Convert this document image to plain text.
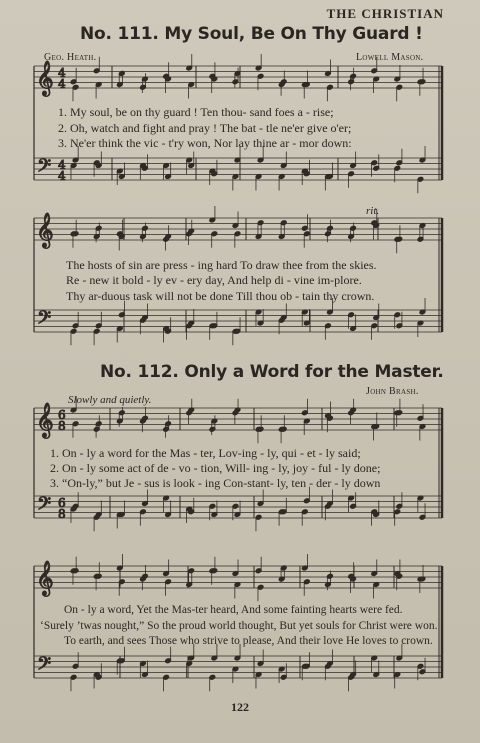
THE CHRISTIAN
No. 111. My Soul, Be On Thy Guard !
Geo. Heath.	Lowell Mason.
𝄞
𝄢
𝄞
𝄢
𝄞
𝄢
𝄞
𝄢
4
4
4
4
6
8
6
8
1. My soul, be on thy guard ! Ten thou- sand foes a - rise;
2. Oh, watch and fight and pray ! The bat - tle ne'er give o'er;
3. Ne'er think the vic - t'ry won, Nor lay thine ar - mor down:
rit.
The hosts of sin are press - ing hard To draw thee from the skies.
Re - new it bold - ly ev - ery day, And help di - vine im-plore.
Thy ar-duous task will not be done Till thou ob - tain thy crown.
No. 112. Only a Word for the Master.
John Brash.
Slowly and quietly.
1. On - ly a word for the Mas - ter, Lov-ing - ly, qui - et - ly said;
2. On - ly some act of de - vo - tion, Will- ing - ly, joy - ful - ly done;
3. “On-ly,” but Je - sus is look - ing Con-stant- ly, ten - der - ly down
On - ly a word, Yet the Mas-ter heard, And some fainting hearts were fed.
‘Surely ’twas nought,” So the proud world thought, But yet souls for Christ were won.
To earth, and sees Those who strive to please, And their love He loves to crown.
122
